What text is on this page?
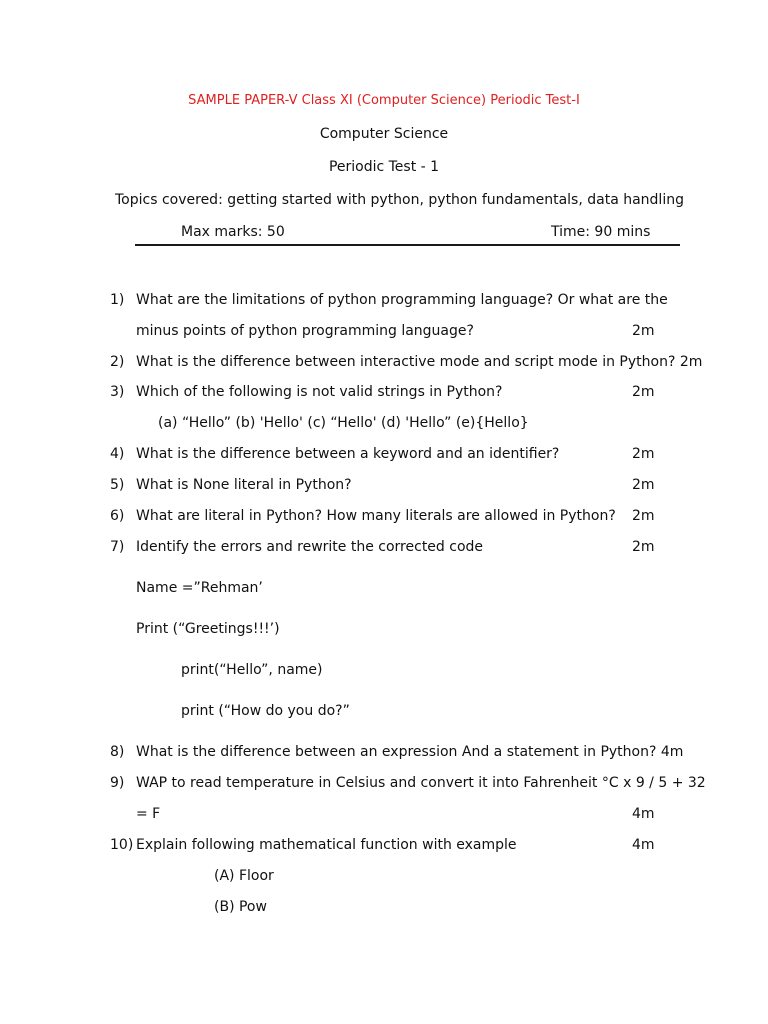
SAMPLE PAPER-V Class XI (Computer Science) Periodic Test-I
Computer Science
Periodic Test - 1
Topics covered: getting started with python, python fundamentals, data handling
Max marks: 50	Time: 90 mins
1) What are the limitations of python programming language? Or what are the
minus points of python programming language?	2m
2) What is the difference between interactive mode and script mode in Python? 2m
3) Which of the following is not valid strings in Python?	2m
(a) “Hello” (b) 'Hello' (c) “Hello' (d) 'Hello” (e){Hello}
4) What is the difference between a keyword and an identifier?	2m
5) What is None literal in Python?	2m
6) What are literal in Python? How many literals are allowed in Python? 2m
7) Identify the errors and rewrite the corrected code	2m
Name =”Rehman’
Print (“Greetings!!!’)
print(“Hello”, name)
print (“How do you do?”
8) What is the difference between an expression And a statement in Python? 4m
9) WAP to read temperature in Celsius and convert it into Fahrenheit °C x 9 / 5 + 32
= F	4m
10) Explain following mathematical function with example	4m
(A) Floor
(B) Pow
